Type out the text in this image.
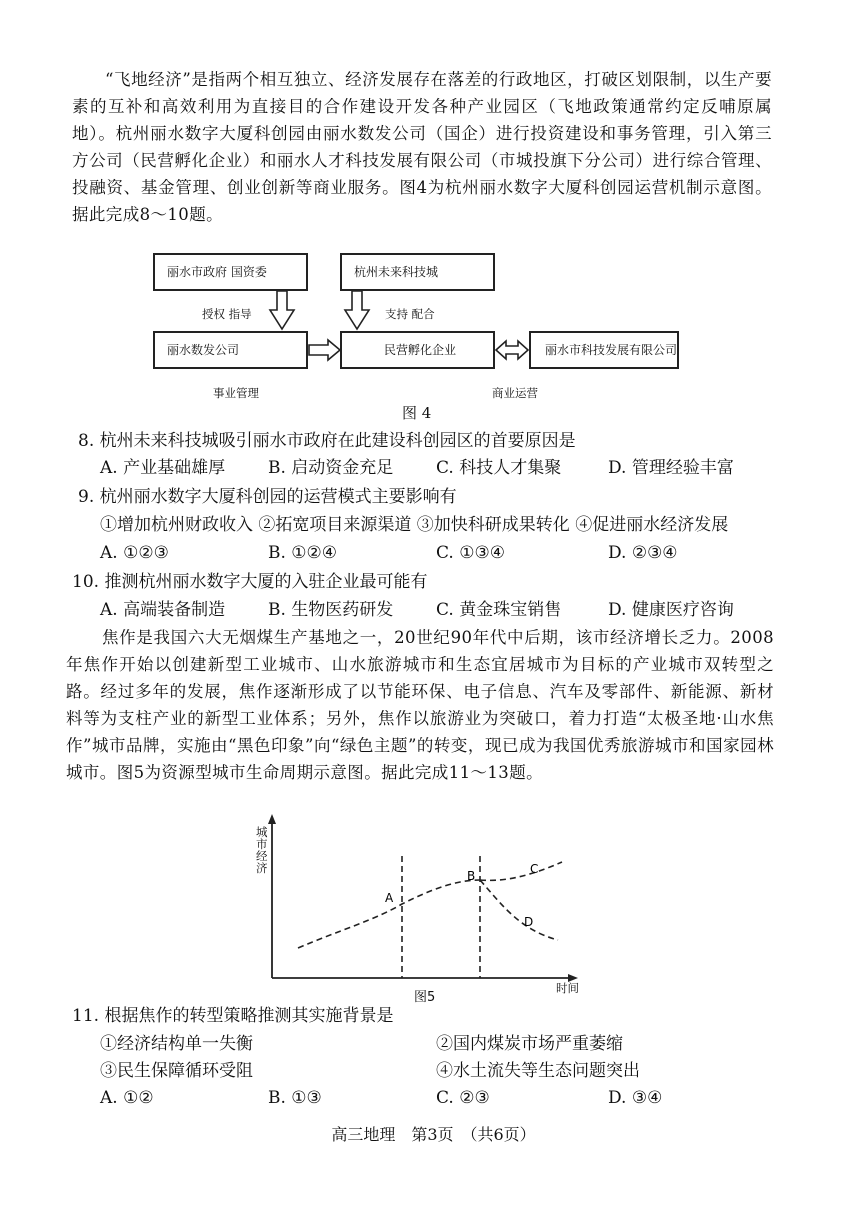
“飞地经济”是指两个相互独立、经济发展存在落差的行政地区，打破区划限制，以生产要素的互补和高效利用为直接目的合作建设开发各种产业园区（飞地政策通常约定反哺原属地）。杭州丽水数字大厦科创园由丽水数发公司（国企）进行投资建设和事务管理，引入第三方公司（民营孵化企业）和丽水人才科技发展有限公司（市城投旗下分公司）进行综合管理、投融资、基金管理、创业创新等商业服务。图4为杭州丽水数字大厦科创园运营机制示意图。据此完成8～10题。

丽水市政府 国资委	杭州未来科技城
丽水数发公司	民营孵化企业	丽水市科技发展有限公司
授权 指导	支持 配合
事业管理	商业运营
图 4
8. 杭州未来科技城吸引丽水市政府在此建设科创园区的首要原因是
A. 产业基础雄厚	B. 启动资金充足	C. 科技人才集聚	D. 管理经验丰富
9. 杭州丽水数字大厦科创园的运营模式主要影响有
①增加杭州财政收入 ②拓宽项目来源渠道 ③加快科研成果转化 ④促进丽水经济发展
A. ①②③	B. ①②④	C. ①③④	D. ②③④
10. 推测杭州丽水数字大厦的入驻企业最可能有
A. 高端装备制造	B. 生物医药研发	C. 黄金珠宝销售	D. 健康医疗咨询

焦作是我国六大无烟煤生产基地之一，20世纪90年代中后期，该市经济增长乏力。2008年焦作开始以创建新型工业城市、山水旅游城市和生态宜居城市为目标的产业城市双转型之路。经过多年的发展，焦作逐渐形成了以节能环保、电子信息、汽车及零部件、新能源、新材料等为支柱产业的新型工业体系；另外，焦作以旅游业为突破口，着力打造“太极圣地·山水焦作”城市品牌，实施由“黑色印象”向“绿色主题”的转变，现已成为我国优秀旅游城市和国家园林城市。图5为资源型城市生命周期示意图。据此完成11～13题。

A
B	C
D
城市经济
时间
图5
11. 根据焦作的转型策略推测其实施背景是
①经济结构单一失衡	②国内煤炭市场严重萎缩
③民生保障循环受阻	④水土流失等生态问题突出
A. ①②	B. ①③	C. ②③	D. ③④
高三地理　第3页　（共6页）
